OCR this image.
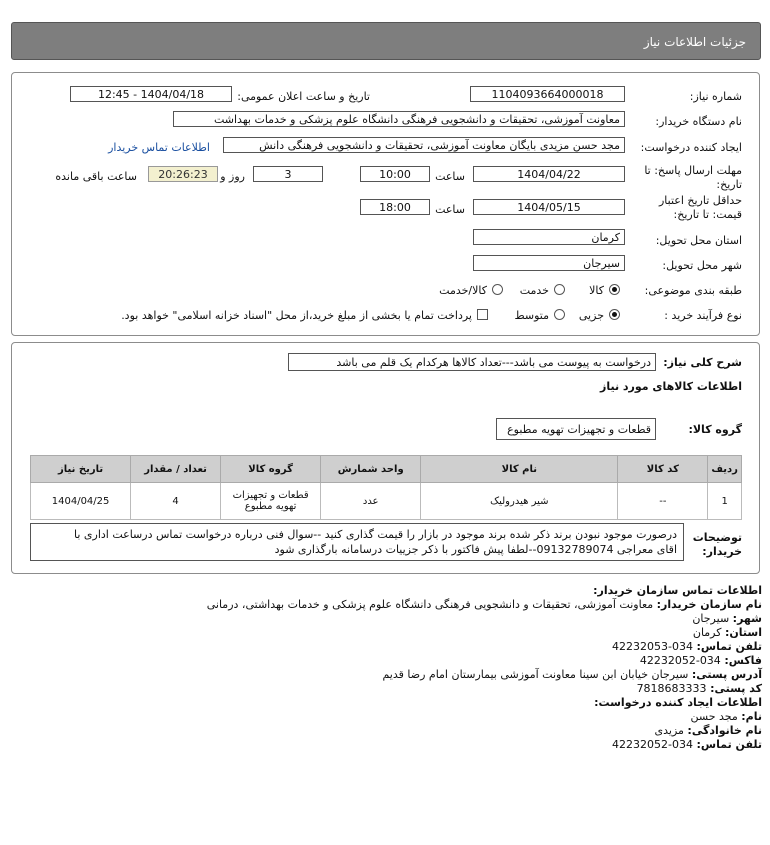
جزئیات اطلاعات نیاز
شماره نیاز:
1104093664000018
تاریخ و ساعت اعلان عمومی:
1404/04/18 - 12:45
نام دستگاه خریدار:
معاونت آموزشی، تحقیقات و دانشجویی فرهنگی دانشگاه علوم پزشکی و خدمات بهداشت
ایجاد کننده درخواست:
مجد حسن مزیدی بایگان معاونت آموزشی، تحقیقات و دانشجویی فرهنگی دانش
اطلاعات تماس خریدار
مهلت ارسال پاسخ: تا
تاریخ:
1404/04/22
ساعت
10:00
3
روز و
20:26:23
ساعت باقی مانده
حداقل تاریخ اعتبار
قیمت: تا تاریخ:
1404/05/15
ساعت
18:00
استان محل تحویل:
کرمان
شهر محل تحویل:
سیرجان
طبقه بندی موضوعی:
کالا
خدمت
کالا/خدمت
نوع فرآیند خرید :
جزیی
متوسط
پرداخت تمام یا بخشی از مبلغ خرید،از محل "اسناد خزانه اسلامی" خواهد بود.
شرح کلی نیاز:
درخواست به پیوست می باشد---تعداد کالاها هرکدام یک قلم می باشد
اطلاعات کالاهای مورد نیاز
گروه کالا:
قطعات و تجهیزات تهویه مطبوع
ردیف	کد کالا	نام کالا	واحد شمارش	گروه کالا	تعداد / مقدار	تاریخ نیاز
1	--	شیر هیدرولیک	عدد	قطعات و تجهیزات تهویه مطبوع	4	1404/04/25
توضیحات
خریدار:
درصورت موجود نبودن برند ذکر شده برند موجود در بازار را قیمت گذاری کنید --سوال فنی درباره درخواست تماس درساعت اداری با
اقای معراجی 09132789074--لطفا پیش فاکتور با ذکر جزییات درسامانه بارگذاری شود
اطلاعات تماس سازمان خریدار:
نام سازمان خریدار: معاونت آموزشی، تحقیقات و دانشجویی فرهنگی دانشگاه علوم پزشکی و خدمات بهداشتی، درمانی
شهر: سیرجان
استان: کرمان
تلفن تماس: 034-42232053
فاکس: 034-42232052
آدرس پستی: سیرجان خیابان ابن سینا معاونت آموزشی بیمارستان امام رضا قدیم
کد پستی: 7818683333
اطلاعات ایجاد کننده درخواست:
نام: مجد حسن
نام خانوادگی: مزیدی
تلفن تماس: 034-42232052
